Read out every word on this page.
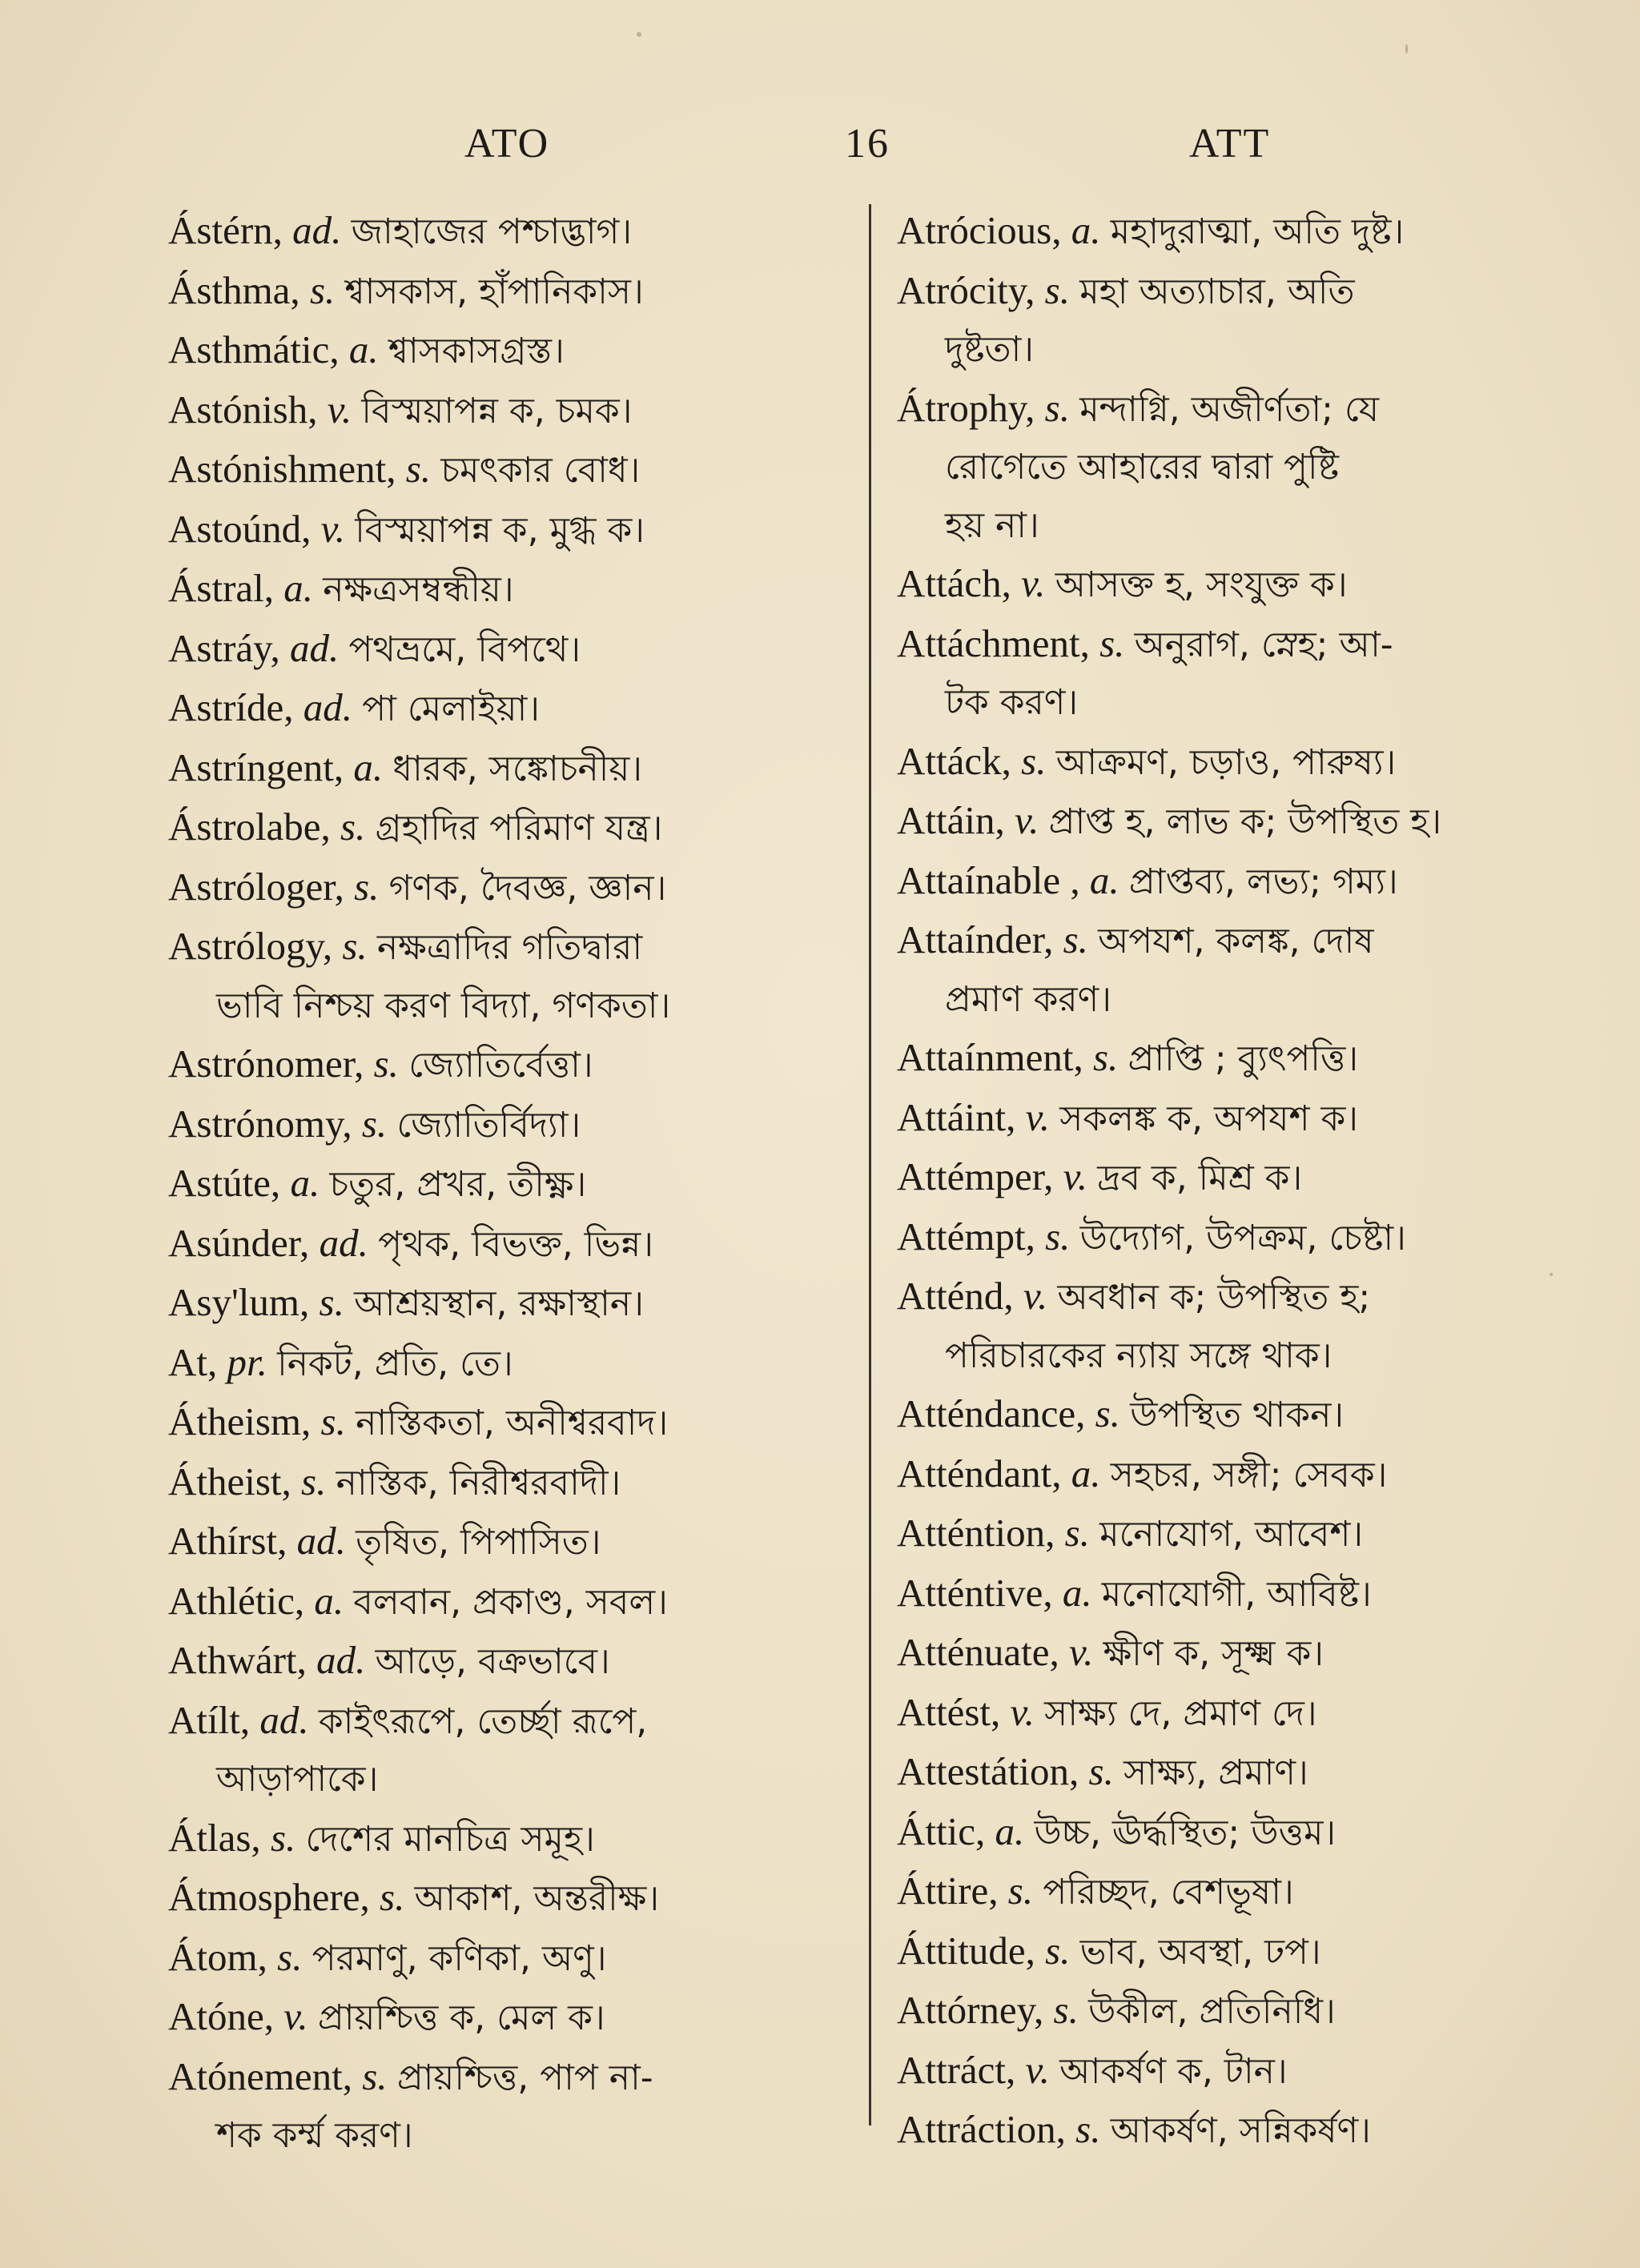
ATO	16	ATT
Ástérn, ad. জাহাজের পশ্চাদ্ভাগ।
Ásthma, s. শ্বাসকাস, হাঁপানিকাস।
Asthmátic, a. শ্বাসকাসগ্রস্ত।
Astónish, v. বিস্ময়াপন্ন ক, চমক।
Astónishment, s. চমৎকার বোধ।
Astoúnd, v. বিস্ময়াপন্ন ক, মুগ্ধ ক।
Ástral, a. নক্ষত্রসম্বন্ধীয়।
Astráy, ad. পথভ্রমে, বিপথে।
Astríde, ad. পা মেলাইয়া।
Astríngent, a. ধারক, সঙ্কোচনীয়।
Ástrolabe, s. গ্রহাদির পরিমাণ যন্ত্র।
Astróloger, s. গণক, দৈবজ্ঞ, জ্ঞান।
Astrólogy, s. নক্ষত্রাদির গতিদ্বারা
ভাবি নিশ্চয় করণ বিদ্যা, গণকতা।
Astrónomer, s. জ্যোতির্বেত্তা।
Astrónomy, s. জ্যোতির্বিদ্যা।
Astúte, a. চতুর, প্রখর, তীক্ষ্ণ।
Asúnder, ad. পৃথক, বিভক্ত, ভিন্ন।
Asy'lum, s. আশ্রয়স্থান, রক্ষাস্থান।
At, pr. নিকট, প্রতি, তে।
Átheism, s. নাস্তিকতা, অনীশ্বরবাদ।
Átheist, s. নাস্তিক, নিরীশ্বরবাদী।
Athírst, ad. তৃষিত, পিপাসিত।
Athlétic, a. বলবান, প্রকাণ্ড, সবল।
Athwárt, ad. আড়ে, বক্রভাবে।
Atílt, ad. কাইৎরূপে, তের্চ্ছা রূপে,
আড়াপাকে।
Átlas, s. দেশের মানচিত্র সমূহ।
Átmosphere, s. আকাশ, অন্তরীক্ষ।
Átom, s. পরমাণু, কণিকা, অণু।
Atóne, v. প্রায়শ্চিত্ত ক, মেল ক।
Atónement, s. প্রায়শ্চিত্ত, পাপ না-
শক কর্ম্ম করণ।
Atrócious, a. মহাদুরাত্মা, অতি দুষ্ট।
Atrócity, s. মহা অত্যাচার, অতি
দুষ্টতা।
Átrophy, s. মন্দাগ্নি, অজীর্ণতা; যে
রোগেতে আহারের দ্বারা পুষ্টি
হয় না।
Attách, v. আসক্ত হ, সংযুক্ত ক।
Attáchment, s. অনুরাগ, স্নেহ; আ-
টক করণ।
Attáck, s. আক্রমণ, চড়াও, পারুষ্য।
Attáin, v. প্রাপ্ত হ, লাভ ক; উপস্থিত হ।
Attaínable , a. প্রাপ্তব্য, লভ্য; গম্য।
Attaínder, s. অপযশ, কলঙ্ক, দোষ
প্রমাণ করণ।
Attaínment, s. প্রাপ্তি ; ব্যুৎপত্তি।
Attáint, v. সকলঙ্ক ক, অপযশ ক।
Attémper, v. দ্রব ক, মিশ্র ক।
Attémpt, s. উদ্যোগ, উপক্রম, চেষ্টা।
Atténd, v. অবধান ক; উপস্থিত হ;
পরিচারকের ন্যায় সঙ্গে থাক।
Atténdance, s. উপস্থিত থাকন।
Atténdant, a. সহচর, সঙ্গী; সেবক।
Atténtion, s. মনোযোগ, আবেশ।
Atténtive, a. মনোযোগী, আবিষ্ট।
Atténuate, v. ক্ষীণ ক, সূক্ষ্ম ক।
Attést, v. সাক্ষ্য দে, প্রমাণ দে।
Attestátion, s. সাক্ষ্য, প্রমাণ।
Áttic, a. উচ্চ, ঊর্দ্ধস্থিত; উত্তম।
Áttire, s. পরিচ্ছদ, বেশভূষা।
Áttitude, s. ভাব, অবস্থা, ঢপ।
Attórney, s. উকীল, প্রতিনিধি।
Attráct, v. আকর্ষণ ক, টান।
Attráction, s. আকর্ষণ, সন্নিকর্ষণ।
